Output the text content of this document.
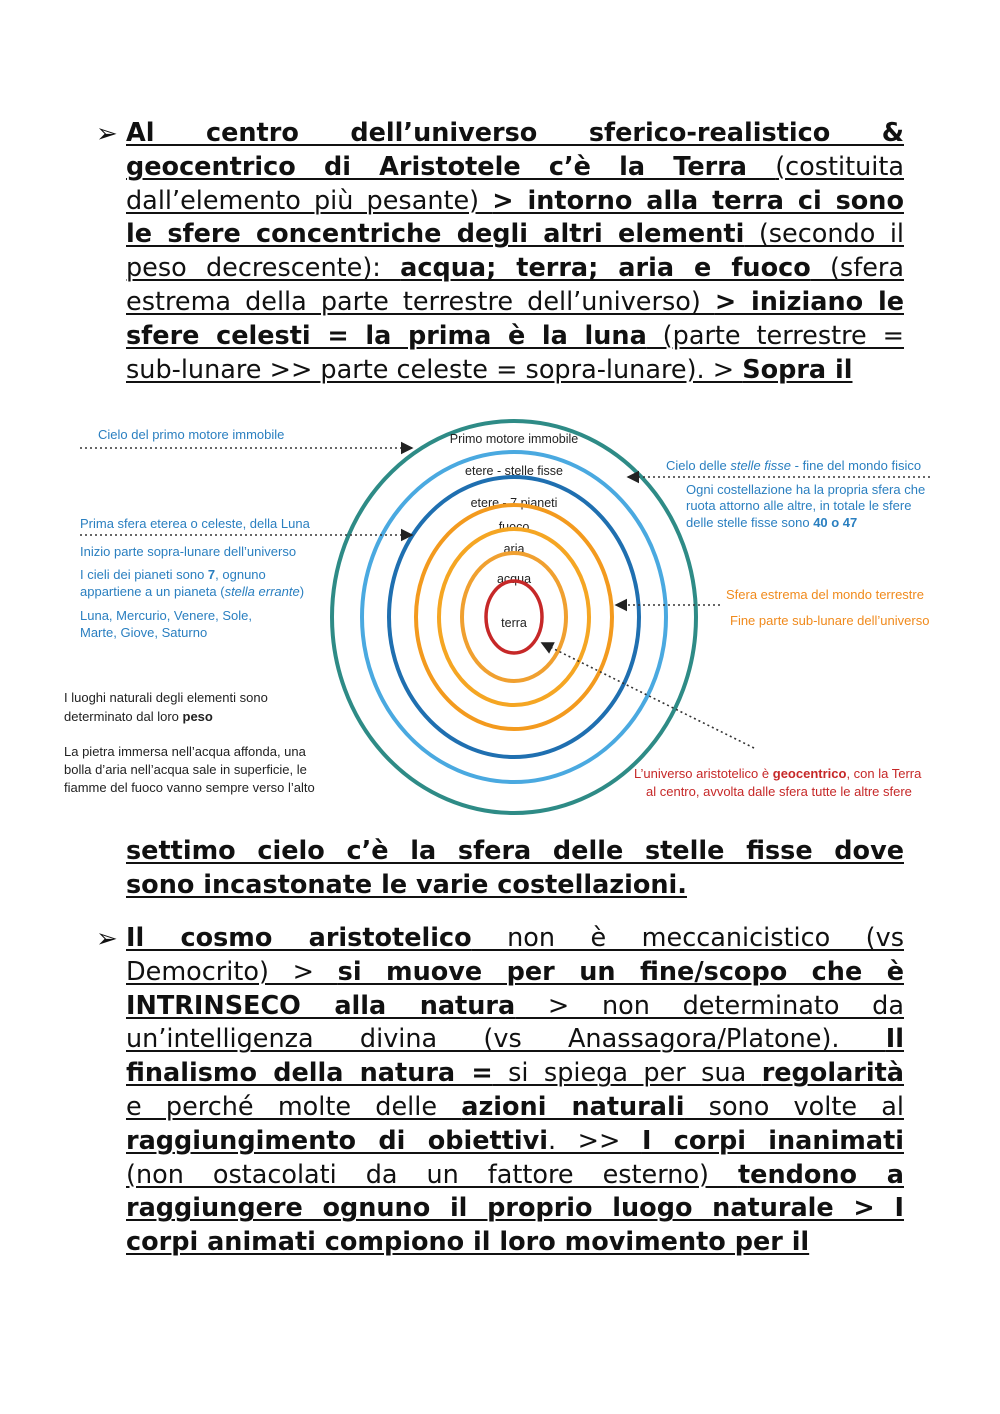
➢ Al centro dell’universo sferico-realistico &
geocentrico di Aristotele c’è la Terra (costituita
dall’elemento più pesante) > intorno alla terra ci sono
le sfere concentriche degli altri elementi (secondo il
peso decrescente): acqua; terra; aria e fuoco (sfera
estrema della parte terrestre dell’universo) > iniziano le
sfere celesti = la prima è la luna (parte terrestre =
sub-lunare >> parte celeste = sopra-lunare). > Sopra il
Primo motore immobile
etere - stelle fisse
etere - 7 pianeti
fuoco
aria
acqua
terra
Cielo del primo motore immobile
Prima sfera eterea o celeste, della Luna
Inizio parte sopra-lunare dell’universo
I cieli dei pianeti sono 7, ognuno
appartiene a un pianeta (stella errante)
Luna, Mercurio, Venere, Sole,
Marte, Giove, Saturno
I luoghi naturali degli elementi sono
determinato dal loro peso
La pietra immersa nell’acqua affonda, una
bolla d’aria nell’acqua sale in superficie, le
fiamme del fuoco vanno sempre verso l’alto
Cielo delle stelle fisse - fine del mondo fisico
Ogni costellazione ha la propria sfera che
ruota attorno alle altre, in totale le sfere
delle stelle fisse sono 40 o 47
Sfera estrema del mondo terrestre
Fine parte sub-lunare dell’universo
L’universo aristotelico è geocentrico, con la Terra
al centro, avvolta dalle sfera tutte le altre sfere
settimo cielo c’è la sfera delle stelle fisse dove
sono incastonate le varie costellazioni.
➢ Il cosmo aristotelico non è meccanicistico (vs
Democrito) > si muove per un fine/scopo che è
INTRINSECO alla natura > non determinato da
un’intelligenza divina (vs Anassagora/Platone). Il
finalismo della natura = si spiega per sua regolarità
e perché molte delle azioni naturali sono volte al
raggiungimento di obiettivi. >> I corpi inanimati
(non ostacolati da un fattore esterno) tendono a
raggiungere ognuno il proprio luogo naturale > I
corpi animati compiono il loro movimento per il
